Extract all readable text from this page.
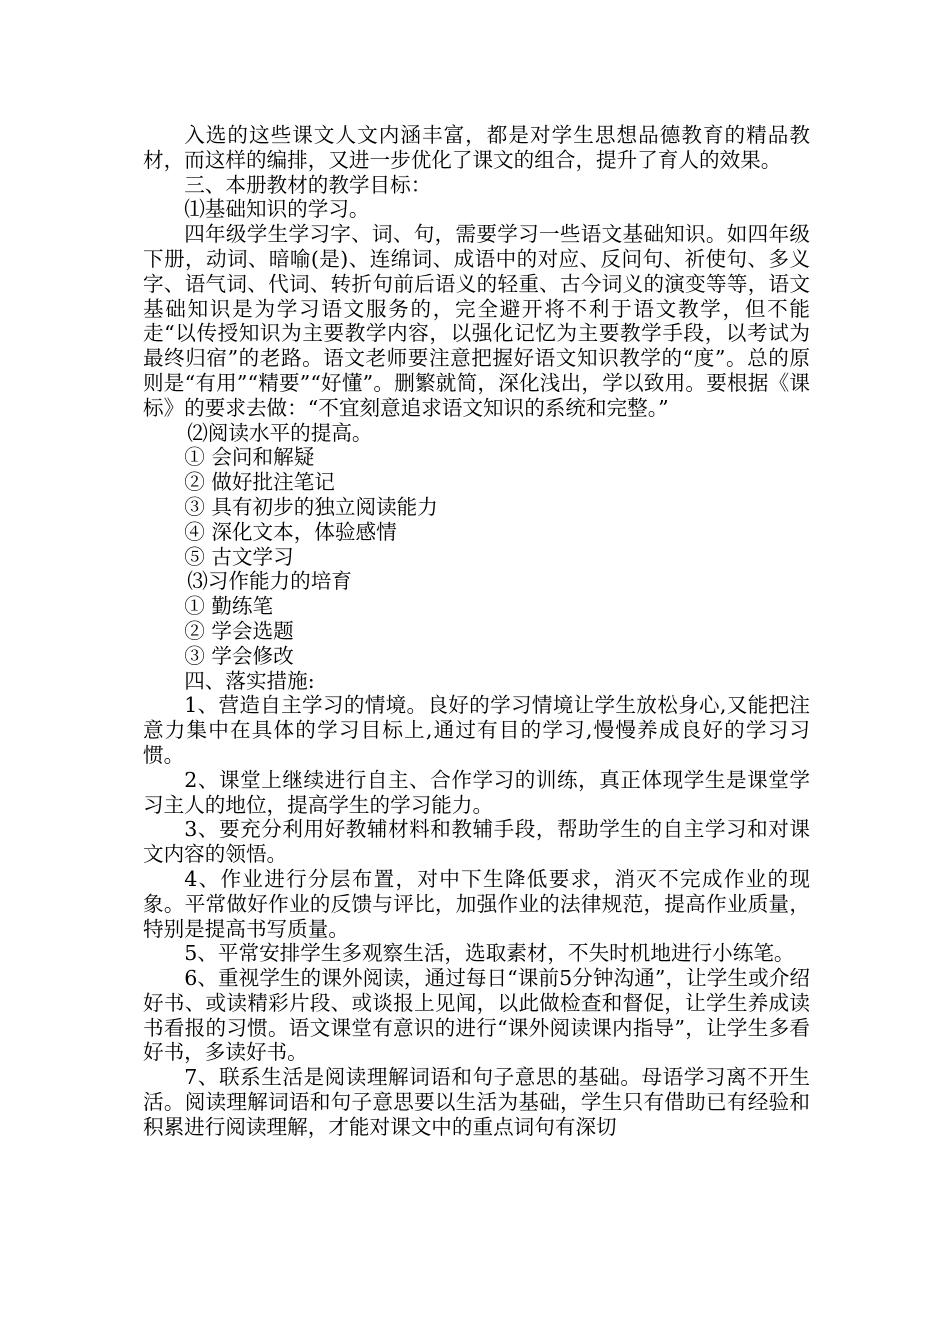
入选的这些课文人文内涵丰富，都是对学生思想品德教育的精品教材，而这样的编排，又进一步优化了课文的组合，提升了育人的效果。

三、本册教材的教学目标：

⑴基础知识的学习。

四年级学生学习字、词、句，需要学习一些语文基础知识。如四年级下册，动词、暗喻(是)、连绵词、成语中的对应、反问句、祈使句、多义字、语气词、代词、转折句前后语义的轻重、古今词义的演变等等，语文基础知识是为学习语文服务的，完全避开将不利于语文教学，但不能走“以传授知识为主要教学内容，以强化记忆为主要教学手段，以考试为最终归宿”的老路。语文老师要注意把握好语文知识教学的“度”。总的原则是“有用”“精要”“好懂”。删繁就简，深化浅出，学以致用。要根据《课标》的要求去做：“不宜刻意追求语文知识的系统和完整。”

⑵阅读水平的提高。

① 会问和解疑

② 做好批注笔记

③ 具有初步的独立阅读能力

④ 深化文本，体验感情

⑤ 古文学习

⑶习作能力的培育

① 勤练笔

② 学会选题

③ 学会修改

四、落实措施:

1、营造自主学习的情境。良好的学习情境让学生放松身心,又能把注意力集中在具体的学习目标上,通过有目的学习,慢慢养成良好的学习习惯。

2、课堂上继续进行自主、合作学习的训练，真正体现学生是课堂学习主人的地位，提高学生的学习能力。

3、要充分利用好教辅材料和教辅手段，帮助学生的自主学习和对课文内容的领悟。

4、作业进行分层布置，对中下生降低要求，消灭不完成作业的现象。平常做好作业的反馈与评比，加强作业的法律规范，提高作业质量，特别是提高书写质量。

5、平常安排学生多观察生活，选取素材，不失时机地进行小练笔。

6、重视学生的课外阅读，通过每日“课前5分钟沟通”，让学生或介绍好书、或读精彩片段、或谈报上见闻，以此做检查和督促，让学生养成读书看报的习惯。语文课堂有意识的进行“课外阅读课内指导”，让学生多看好书，多读好书。

7、联系生活是阅读理解词语和句子意思的基础。母语学习离不开生活。阅读理解词语和句子意思要以生活为基础，学生只有借助已有经验和积累进行阅读理解，才能对课文中的重点词句有深切
